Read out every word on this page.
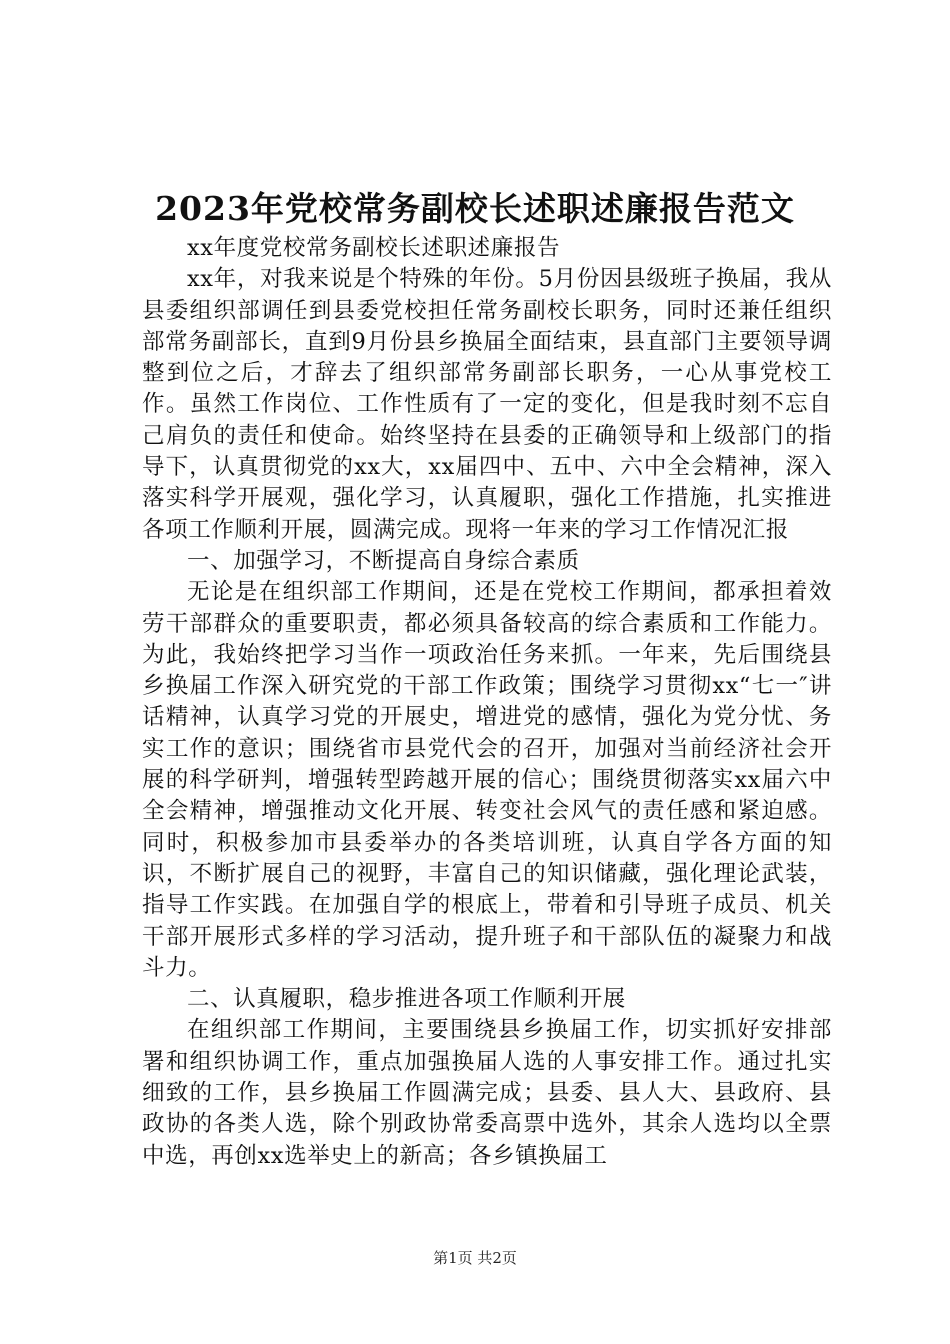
2023年党校常务副校长述职述廉报告范文

xx年度党校常务副校长述职述廉报告

xx年，对我来说是个特殊的年份。5月份因县级班子换届，我从县委组织部调任到县委党校担任常务副校长职务，同时还兼任组织部常务副部长，直到9月份县乡换届全面结束，县直部门主要领导调整到位之后，才辞去了组织部常务副部长职务，一心从事党校工作。虽然工作岗位、工作性质有了一定的变化，但是我时刻不忘自己肩负的责任和使命。始终坚持在县委的正确领导和上级部门的指导下，认真贯彻党的xx大，xx届四中、五中、六中全会精神，深入落实科学开展观，强化学习，认真履职，强化工作措施，扎实推进各项工作顺利开展，圆满完成。现将一年来的学习工作情况汇报

一、加强学习，不断提高自身综合素质

无论是在组织部工作期间，还是在党校工作期间，都承担着效劳干部群众的重要职责，都必须具备较高的综合素质和工作能力。为此，我始终把学习当作一项政治任务来抓。一年来，先后围绕县乡换届工作深入研究党的干部工作政策；围绕学习贯彻xx“七一″讲话精神，认真学习党的开展史，增进党的感情，强化为党分忧、务实工作的意识；围绕省市县党代会的召开，加强对当前经济社会开展的科学研判，增强转型跨越开展的信心；围绕贯彻落实xx届六中全会精神，增强推动文化开展、转变社会风气的责任感和紧迫感。同时，积极参加市县委举办的各类培训班，认真自学各方面的知识，不断扩展自己的视野，丰富自己的知识储藏，强化理论武装，指导工作实践。在加强自学的根底上，带着和引导班子成员、机关干部开展形式多样的学习活动，提升班子和干部队伍的凝聚力和战斗力。

二、认真履职，稳步推进各项工作顺利开展

在组织部工作期间，主要围绕县乡换届工作，切实抓好安排部署和组织协调工作，重点加强换届人选的人事安排工作。通过扎实细致的工作，县乡换届工作圆满完成；县委、县人大、县政府、县政协的各类人选，除个别政协常委高票中选外，其余人选均以全票中选，再创xx选举史上的新高；各乡镇换届工

第1页 共2页
